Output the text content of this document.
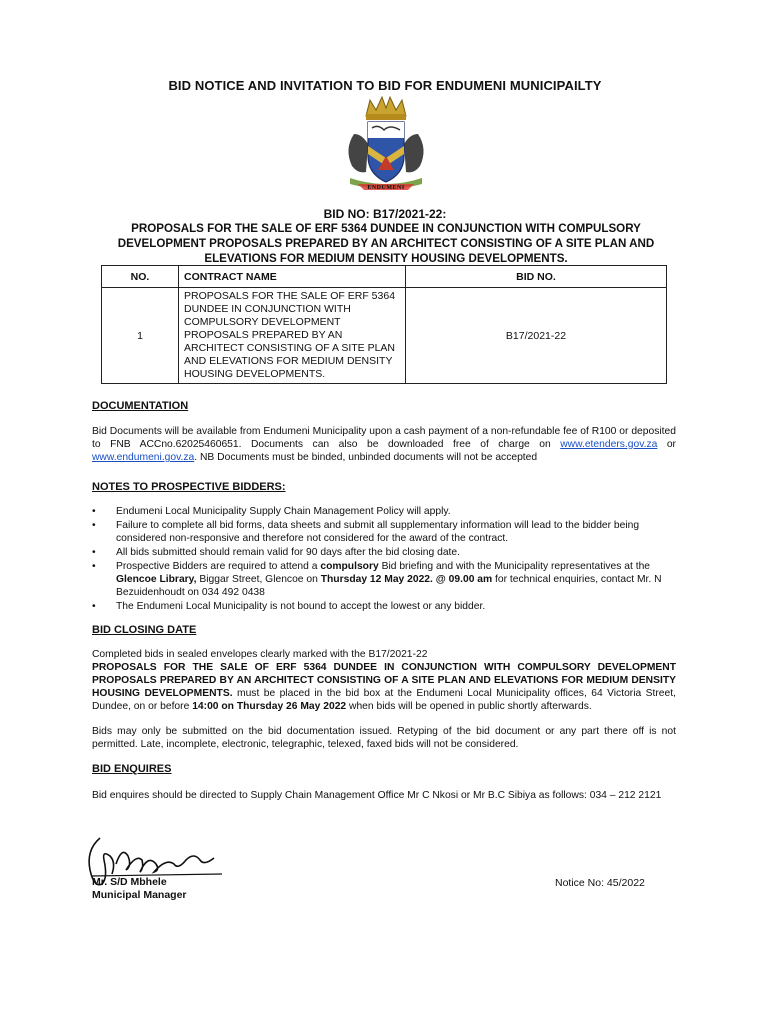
BID NOTICE AND INVITATION TO BID FOR ENDUMENI MUNICIPAILTY
ENDUMENI
BID NO: B17/2021-22:
PROPOSALS FOR THE SALE OF ERF 5364 DUNDEE IN CONJUNCTION WITH COMPULSORY DEVELOPMENT PROPOSALS PREPARED BY AN ARCHITECT CONSISTING OF A SITE PLAN AND ELEVATIONS FOR MEDIUM DENSITY HOUSING DEVELOPMENTS.
NO.	CONTRACT NAME	BID NO.
1	PROPOSALS FOR THE SALE OF ERF 5364 DUNDEE IN CONJUNCTION WITH COMPULSORY DEVELOPMENT PROPOSALS PREPARED BY AN ARCHITECT CONSISTING OF A SITE PLAN AND ELEVATIONS FOR MEDIUM DENSITY HOUSING DEVELOPMENTS.	B17/2021-22
DOCUMENTATION
Bid Documents will be available from Endumeni Municipality upon a cash payment of a non-refundable fee of R100 or deposited to FNB ACCno.62025460651. Documents can also be downloaded free of charge on www.etenders.gov.za or www.endumeni.gov.za. NB Documents must be binded, unbinded documents will not be accepted
NOTES TO PROSPECTIVE BIDDERS:
• Endumeni Local Municipality Supply Chain Management Policy will apply.
• Failure to complete all bid forms, data sheets and submit all supplementary information will lead to the bidder being considered non-responsive and therefore not considered for the award of the contract.
• All bids submitted should remain valid for 90 days after the bid closing date.
• Prospective Bidders are required to attend a compulsory Bid briefing and with the Municipality representatives at the Glencoe Library, Biggar Street, Glencoe on Thursday 12 May 2022. @ 09.00 am for technical enquiries, contact Mr. N Bezuidenhoudt on 034 492 0438
• The Endumeni Local Municipality is not bound to accept the lowest or any bidder.
BID CLOSING DATE
Completed bids in sealed envelopes clearly marked with the B17/2021-22
PROPOSALS FOR THE SALE OF ERF 5364 DUNDEE IN CONJUNCTION WITH COMPULSORY DEVELOPMENT PROPOSALS PREPARED BY AN ARCHITECT CONSISTING OF A SITE PLAN AND ELEVATIONS FOR MEDIUM DENSITY HOUSING DEVELOPMENTS. must be placed in the bid box at the Endumeni Local Municipality offices, 64 Victoria Street, Dundee, on or before 14:00 on Thursday 26 May 2022 when bids will be opened in public shortly afterwards.
Bids may only be submitted on the bid documentation issued. Retyping of the bid document or any part there off is not permitted. Late, incomplete, electronic, telegraphic, telexed, faxed bids will not be considered.
BID ENQUIRES
Bid enquires should be directed to Supply Chain Management Office Mr C Nkosi or Mr B.C Sibiya as follows: 034 – 212 2121
Mr. S/D Mbhele
Municipal Manager
Notice No: 45/2022
